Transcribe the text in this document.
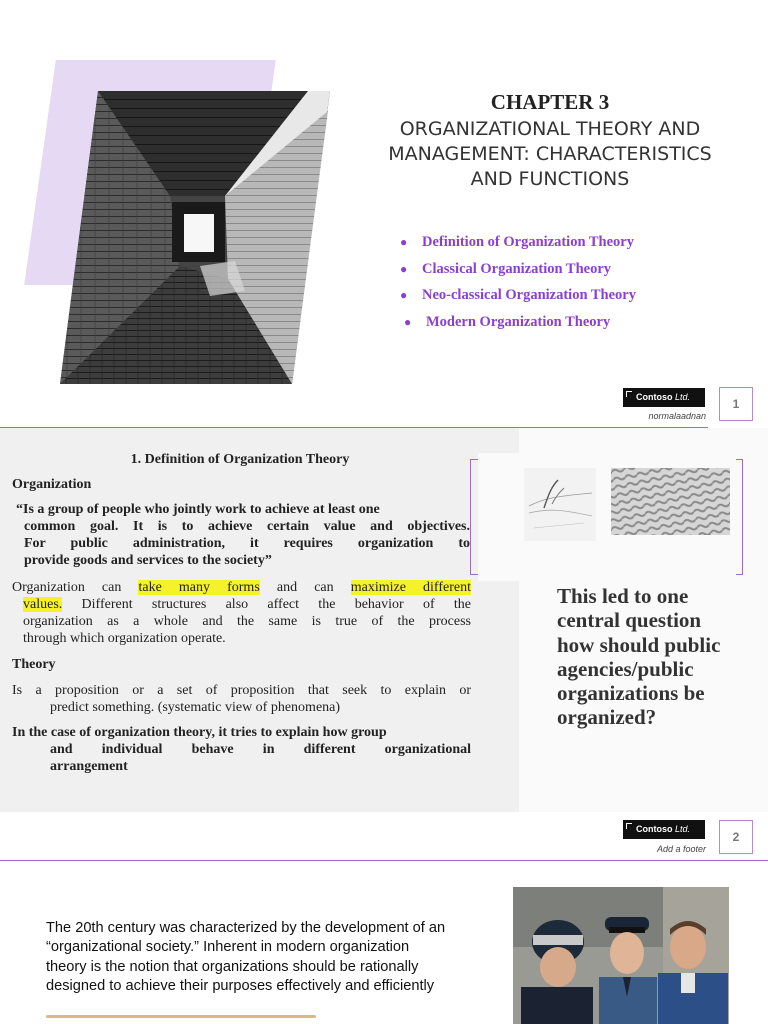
CHAPTER 3
ORGANIZATIONAL THEORY AND
MANAGEMENT: CHARACTERISTICS
AND FUNCTIONS
● Definition of Organization Theory
● Classical Organization Theory
● Neo-classical Organization Theory
● Modern Organization Theory
Contoso Ltd.
normalaadnan
1
1. Definition of Organization Theory
Organization
“Is a group of people who jointly work to achieve at least one
common goal. It is to achieve certain value and objectives.
For public administration, it requires organization to
provide goods and services to the society”
Organization can take many forms and can maximize different
values. Different structures also affect the behavior of the
organization as a whole and the same is true of the process
through which organization operate.
Theory
Is a proposition or a set of proposition that seek to explain or
predict something. (systematic view of phenomena)
In the case of organization theory, it tries to explain how group
and individual behave in different organizational
arrangement
This led to one
central question
how should public
agencies/public
organizations be
organized?
Contoso Ltd.
Add a footer
2
The 20th century was characterized by the development of an
“organizational society.” Inherent in modern organization
theory is the notion that organizations should be rationally
designed to achieve their purposes effectively and efficiently
